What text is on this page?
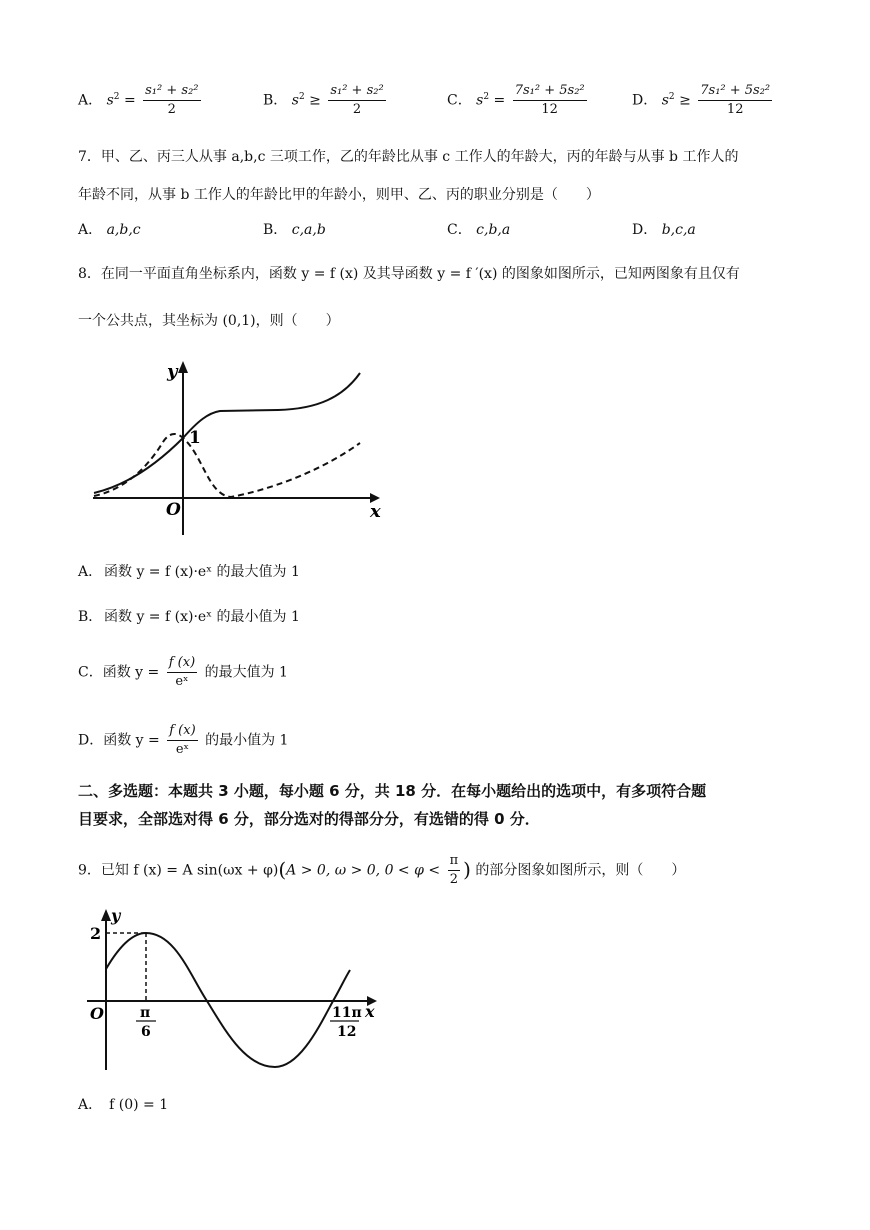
A． $s^2 = \frac{\text{s₁² + s₂²}}{2}$	B． $s^2 \ge \frac{\text{s₁² + s₂²}}{2}$	C． $s^2 = \frac{\text{7s₁² + 5s₂²}}{12}$	D． $s^2 \ge \frac{\text{7s₁² + 5s₂²}}{12}$
7．甲、乙、丙三人从事 a,b,c 三项工作，乙的年龄比从事 c 工作人的年龄大，丙的年龄与从事 b 工作人的
年龄不同，从事 b 工作人的年龄比甲的年龄小，则甲、乙、丙的职业分别是（　　）
A． a,b,c	B． c,a,b	C． c,b,a	D． b,c,a
8．在同一平面直角坐标系内，函数 y = f (x) 及其导函数 y = f ′(x) 的图象如图所示，已知两图象有且仅有
一个公共点，其坐标为 (0,1)，则（　　）
y
x
O
1
函数 y = f (x)·eˣ 的最大值为 1
A．
函数 y = f (x)·eˣ 的最小值为 1
B．
C．函数 $y = \frac{f (x)}{\text{eˣ}}$ 的最大值为 1
D．函数 $y = \frac{f (x)}{\text{eˣ}}$ 的最小值为 1
二、多选题：本题共 3 小题，每小题 6 分，共 18 分．在每小题给出的选项中，有多项符合题
目要求，全部选对得 6 分，部分选对的得部分分，有选错的得 0 分．
9．已知 f (x) = A sin(ωx + φ)(A > 0, ω > 0, $0 < \varphi < \frac{\pi}{2}$ ) 的部分图象如图所示，则（　　）
y
x
O
2
π
6
11π
12
A．　f (0) = 1
